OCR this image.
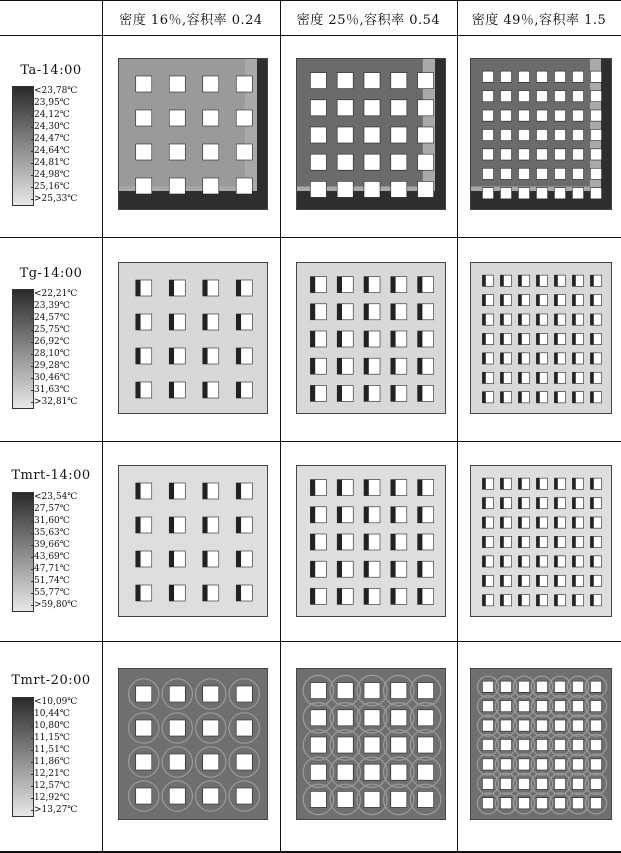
密度 16％,容积率 0.24	密度 25％,容积率 0.54	密度 49％,容积率 1.5
Ta-14:00
Tg-14:00
Tmrt-14:00
Tmrt-20:00
<23,78℃
23,95℃
24,12℃
24,30℃
24,47℃
24,64℃
24,81℃
24,98℃
25,16℃
>25,33℃
<22,21℃
23,39℃
24,57℃
25,75℃
26,92℃
28,10℃
29,28℃
30,46℃
31,63℃
>32,81℃
<23,54℃
27,57℃
31,60℃
35,63℃
39,66℃
43,69℃
47,71℃
51,74℃
55,77℃
>59,80℃
<10,09℃
10,44℃
10,80℃
11,15℃
11,51℃
11,86℃
12,21℃
12,57℃
12,92℃
>13,27℃
